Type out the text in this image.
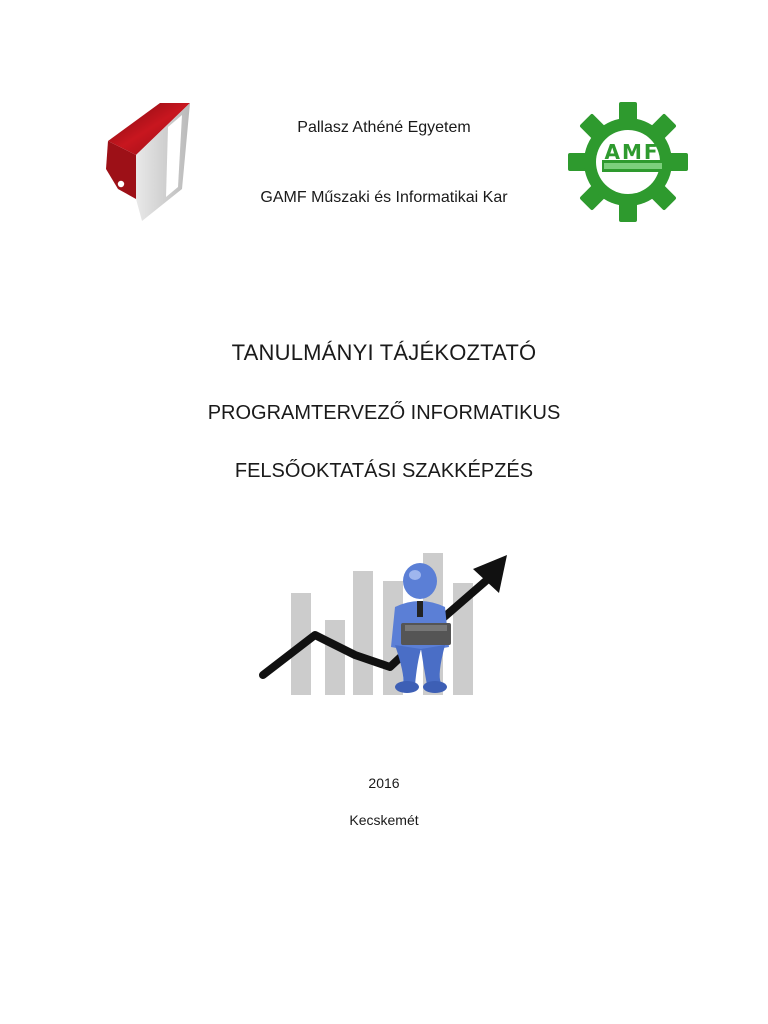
Pallasz Athéné Egyetem
GAMF Műszaki és Informatikai Kar
AMF
TANULMÁNYI TÁJÉKOZTATÓ
PROGRAMTERVEZŐ INFORMATIKUS
FELSŐOKTATÁSI SZAKKÉPZÉS
2016
Kecskemét
